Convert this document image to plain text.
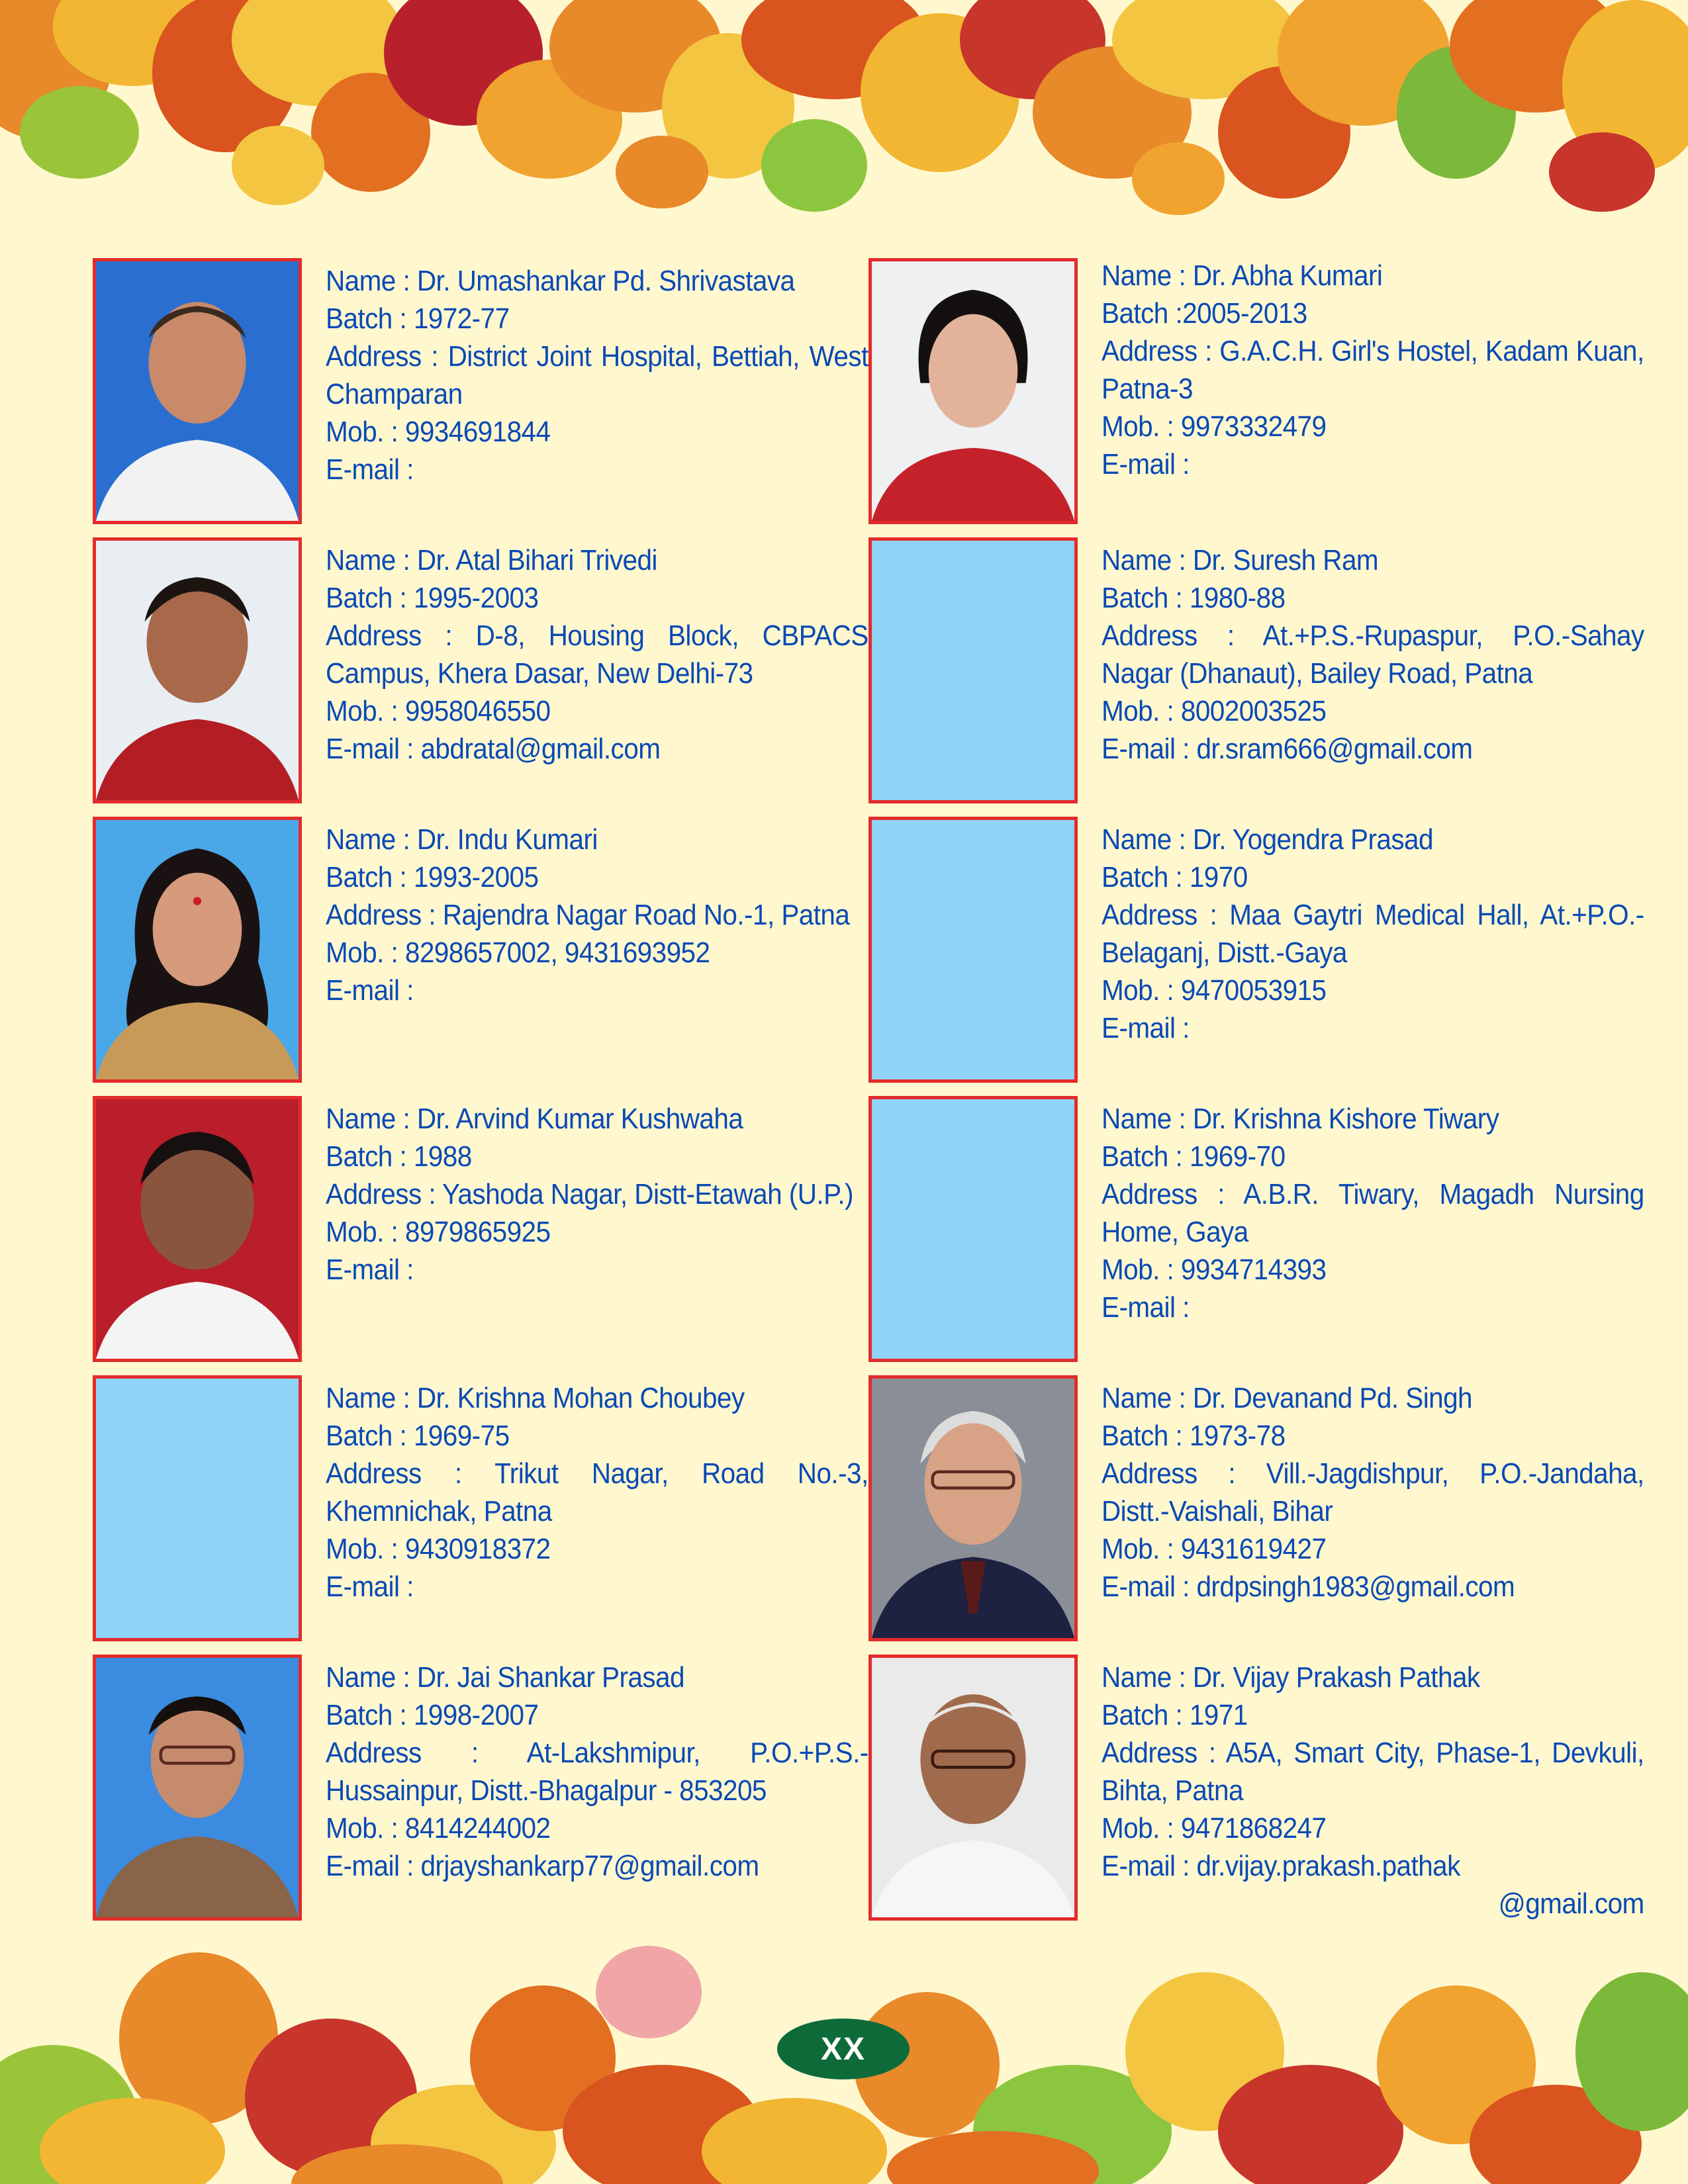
Name : Dr. Umashankar Pd. Shrivastava
Batch : 1972-77
Address : District Joint Hospital, Bettiah, West Champaran
Mob. : 9934691844
E-mail :
Name : Dr. Atal Bihari Trivedi
Batch : 1995-2003
Address : D-8, Housing Block, CBPACS Campus, Khera Dasar, New Delhi-73
Mob. : 9958046550
E-mail : abdratal@gmail.com
Name : Dr. Indu Kumari
Batch : 1993-2005
Address : Rajendra Nagar Road No.-1, Patna
Mob. : 8298657002, 9431693952
E-mail :
Name : Dr. Arvind Kumar Kushwaha
Batch : 1988
Address : Yashoda Nagar, Distt-Etawah (U.P.)
Mob. : 8979865925
E-mail :
Name : Dr. Krishna Mohan Choubey
Batch : 1969-75
Address : Trikut Nagar, Road No.-3, Khemnichak, Patna
Mob. : 9430918372
E-mail :
Name : Dr. Jai Shankar Prasad
Batch : 1998-2007
Address : At-Lakshmipur, P.O.+P.S.- Hussainpur, Distt.-Bhagalpur - 853205
Mob. : 8414244002
E-mail : drjayshankarp77@gmail.com
Name : Dr. Abha Kumari
Batch :2005-2013
Address : G.A.C.H. Girl's Hostel, Kadam Kuan, Patna-3
Mob. : 9973332479
E-mail :
Name : Dr. Suresh Ram
Batch : 1980-88
Address : At.+P.S.-Rupaspur, P.O.-Sahay Nagar (Dhanaut), Bailey Road, Patna
Mob. : 8002003525
E-mail : dr.sram666@gmail.com
Name : Dr. Yogendra Prasad
Batch : 1970
Address : Maa Gaytri Medical Hall, At.+P.O.-Belaganj, Distt.-Gaya
Mob. : 9470053915
E-mail :
Name : Dr. Krishna Kishore Tiwary
Batch : 1969-70
Address : A.B.R. Tiwary, Magadh Nursing Home, Gaya
Mob. : 9934714393
E-mail :
Name : Dr. Devanand Pd. Singh
Batch : 1973-78
Address : Vill.-Jagdishpur, P.O.-Jandaha, Distt.-Vaishali, Bihar
Mob. : 9431619427
E-mail : drdpsingh1983@gmail.com
Name : Dr. Vijay Prakash Pathak
Batch : 1971
Address : A5A, Smart City, Phase-1, Devkuli, Bihta, Patna
Mob. : 9471868247
E-mail : dr.vijay.prakash.pathak
@gmail.com
XX
